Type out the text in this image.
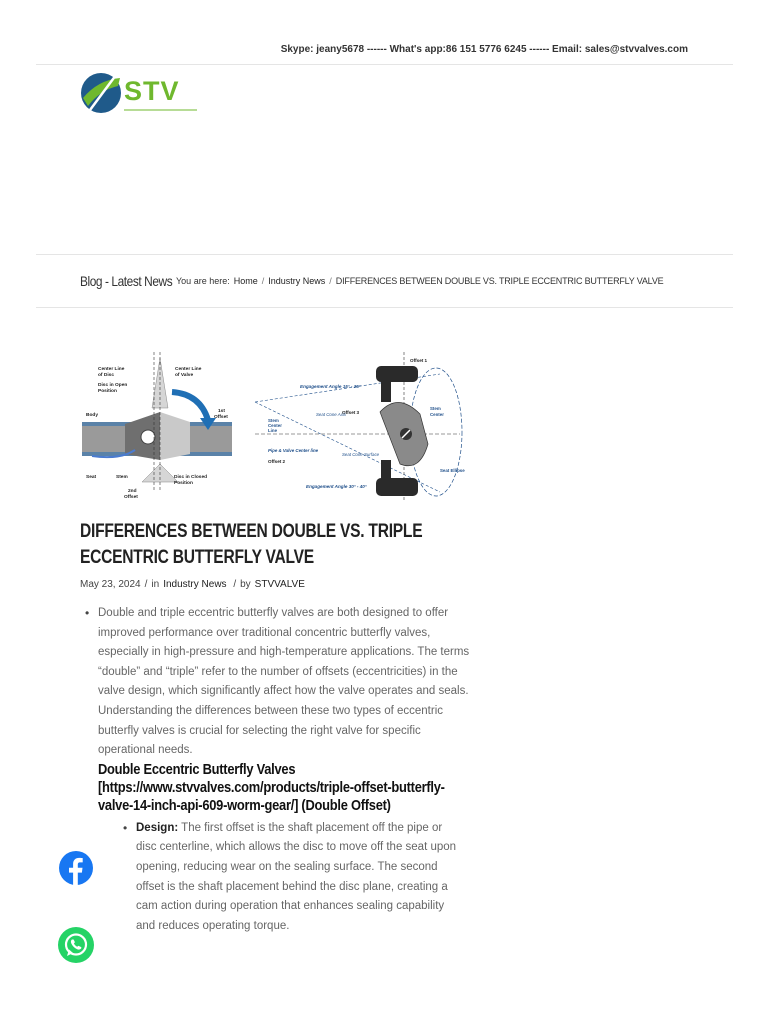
Skype: jeany5678 ------ What's app:86 151 5776 6245 ------ Email: sales@stvvalves.com
STV
Blog - Latest News You are here: Home / Industry News / DIFFERENCES BETWEEN DOUBLE VS. TRIPLE ECCENTRIC BUTTERFLY VALVE
Center Line
of Disc
Center Line
of Valve
Disc in Open
Position
1st
Offset
Body
Seat	Stem	Disc in Closed
Position
2nd
Offset
Offset 1
Engagement Angle 15° - 25°
Offset 3
Seat Cone Axis
Stem
Center
Stem
Center
Line
Pipe & Valve Center line
Offset 2
Seat Cone Surface
Seat Ellipse
Engagement Angle 30° - 40°
DIFFERENCES BETWEEN DOUBLE VS. TRIPLE ECCENTRIC BUTTERFLY VALVE
May 23, 2024 / in Industry News / by STVVALVE
• Double and triple eccentric butterfly valves are both designed to offer improved performance over traditional concentric butterfly valves, especially in high-pressure and high-temperature applications. The terms “double” and “triple” refer to the number of offsets (eccentricities) in the valve design, which significantly affect how the valve operates and seals. Understanding the differences between these two types of eccentric butterfly valves is crucial for selecting the right valve for specific operational needs.
Double Eccentric Butterfly Valves [https://www.stvvalves.com/products/triple-offset-butterfly-valve-14-inch-api-609-worm-gear/] (Double Offset)
• Design: The first offset is the shaft placement off the pipe or disc centerline, which allows the disc to move off the seat upon opening, reducing wear on the sealing surface. The second offset is the shaft placement behind the disc plane, creating a cam action during operation that enhances sealing capability and reduces operating torque.
